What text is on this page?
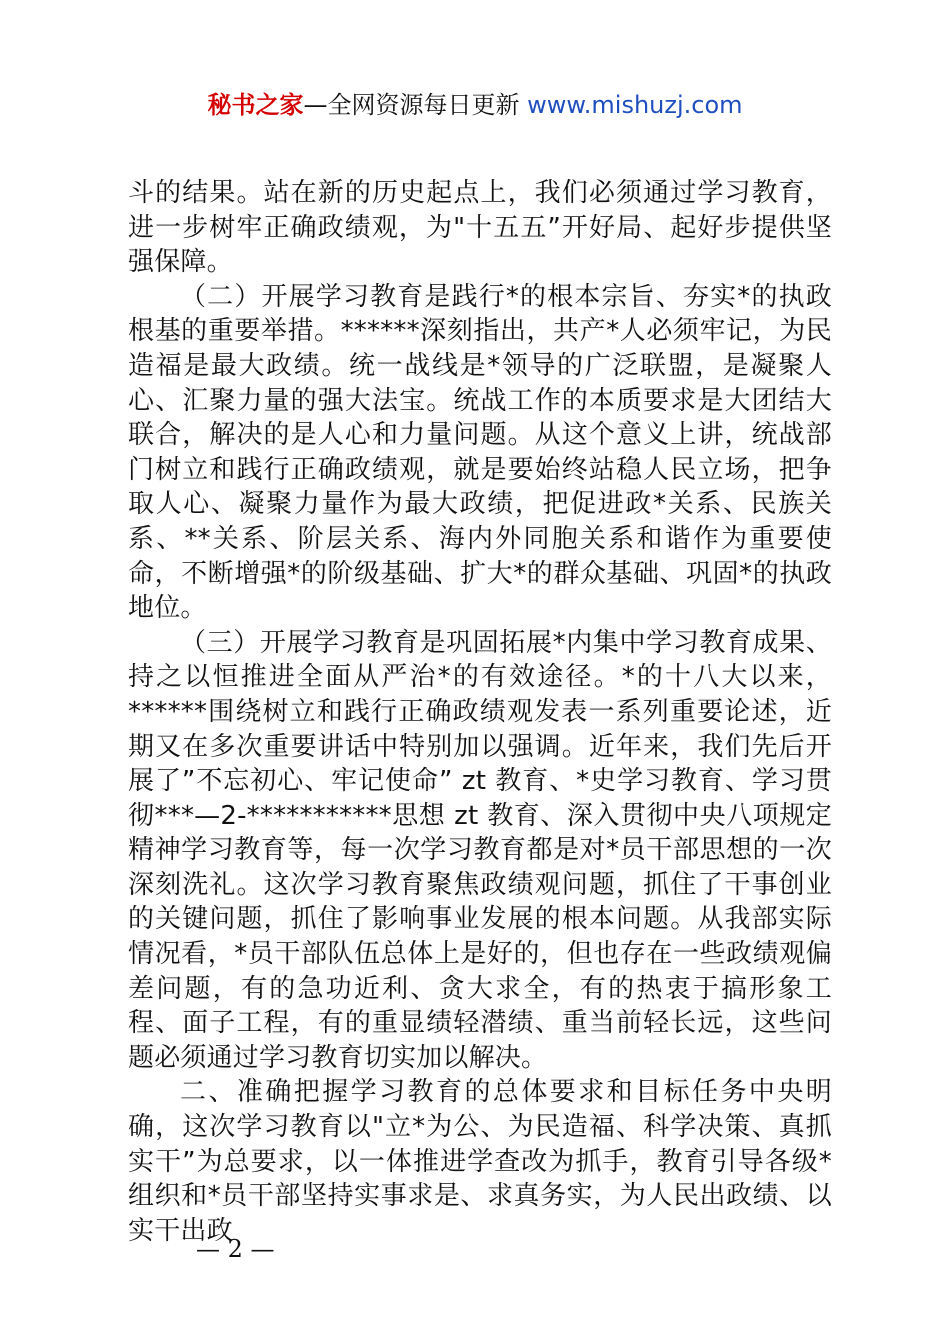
秘书之家—全网资源每日更新 www.mishuzj.com

斗的结果。站在新的历史起点上，我们必须通过学习教育，进一步树牢正确政绩观，为"十五五”开好局、起好步提供坚强保障。

（二）开展学习教育是践行*的根本宗旨、夯实*的执政根基的重要举措。******深刻指出，共产*人必须牢记，为民造福是最大政绩。统一战线是*领导的广泛联盟，是凝聚人心、汇聚力量的强大法宝。统战工作的本质要求是大团结大联合，解决的是人心和力量问题。从这个意义上讲，统战部门树立和践行正确政绩观，就是要始终站稳人民立场，把争取人心、凝聚力量作为最大政绩，把促进政*关系、民族关系、**关系、阶层关系、海内外同胞关系和谐作为重要使命，不断增强*的阶级基础、扩大*的群众基础、巩固*的执政地位。

（三）开展学习教育是巩固拓展*内集中学习教育成果、持之以恒推进全面从严治*的有效途径。*的十八大以来，******围绕树立和践行正确政绩观发表一系列重要论述，近期又在多次重要讲话中特别加以强调。近年来，我们先后开展了”不忘初心、牢记使命” zt 教育、*史学习教育、学习贯彻***—2-***********思想 zt 教育、深入贯彻中央八项规定精神学习教育等，每一次学习教育都是对*员干部思想的一次深刻洗礼。这次学习教育聚焦政绩观问题，抓住了干事创业的关键问题，抓住了影响事业发展的根本问题。从我部实际情况看，*员干部队伍总体上是好的，但也存在一些政绩观偏差问题，有的急功近利、贪大求全，有的热衷于搞形象工程、面子工程，有的重显绩轻潜绩、重当前轻长远，这些问题必须通过学习教育切实加以解决。

二、准确把握学习教育的总体要求和目标任务中央明确，这次学习教育以"立*为公、为民造福、科学决策、真抓实干”为总要求，以一体推进学查改为抓手，教育引导各级*组织和*员干部坚持实事求是、求真务实，为人民出政绩、以实干出政

— 2 —
